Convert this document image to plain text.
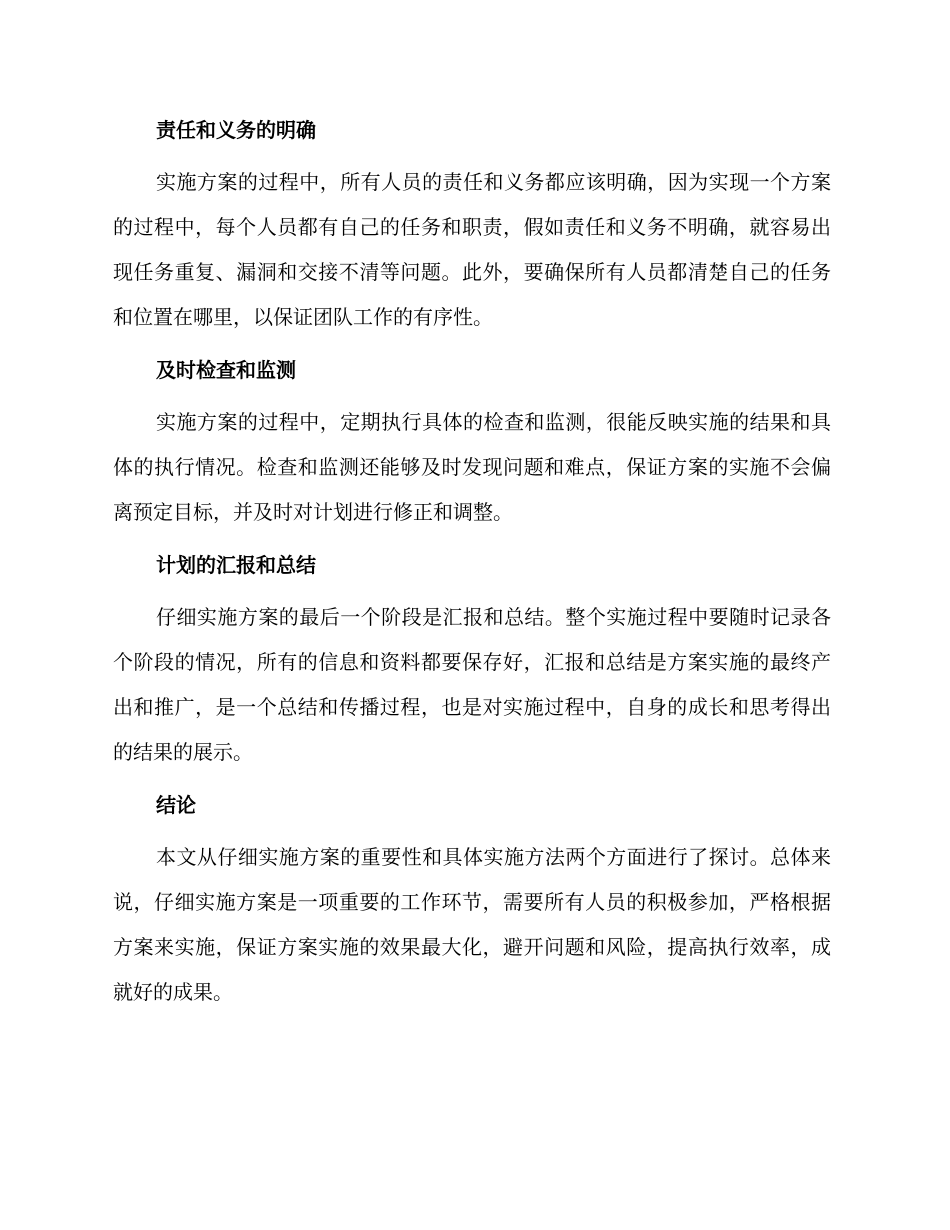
责任和义务的明确

实施方案的过程中，所有人员的责任和义务都应该明确，因为实现一个方案的过程中，每个人员都有自己的任务和职责，假如责任和义务不明确，就容易出现任务重复、漏洞和交接不清等问题。此外，要确保所有人员都清楚自己的任务和位置在哪里，以保证团队工作的有序性。

及时检查和监测

实施方案的过程中，定期执行具体的检查和监测，很能反映实施的结果和具体的执行情况。检查和监测还能够及时发现问题和难点，保证方案的实施不会偏离预定目标，并及时对计划进行修正和调整。

计划的汇报和总结

仔细实施方案的最后一个阶段是汇报和总结。整个实施过程中要随时记录各个阶段的情况，所有的信息和资料都要保存好，汇报和总结是方案实施的最终产出和推广，是一个总结和传播过程，也是对实施过程中，自身的成长和思考得出的结果的展示。

结论

本文从仔细实施方案的重要性和具体实施方法两个方面进行了探讨。总体来说，仔细实施方案是一项重要的工作环节，需要所有人员的积极参加，严格根据方案来实施，保证方案实施的效果最大化，避开问题和风险，提高执行效率，成就好的成果。
